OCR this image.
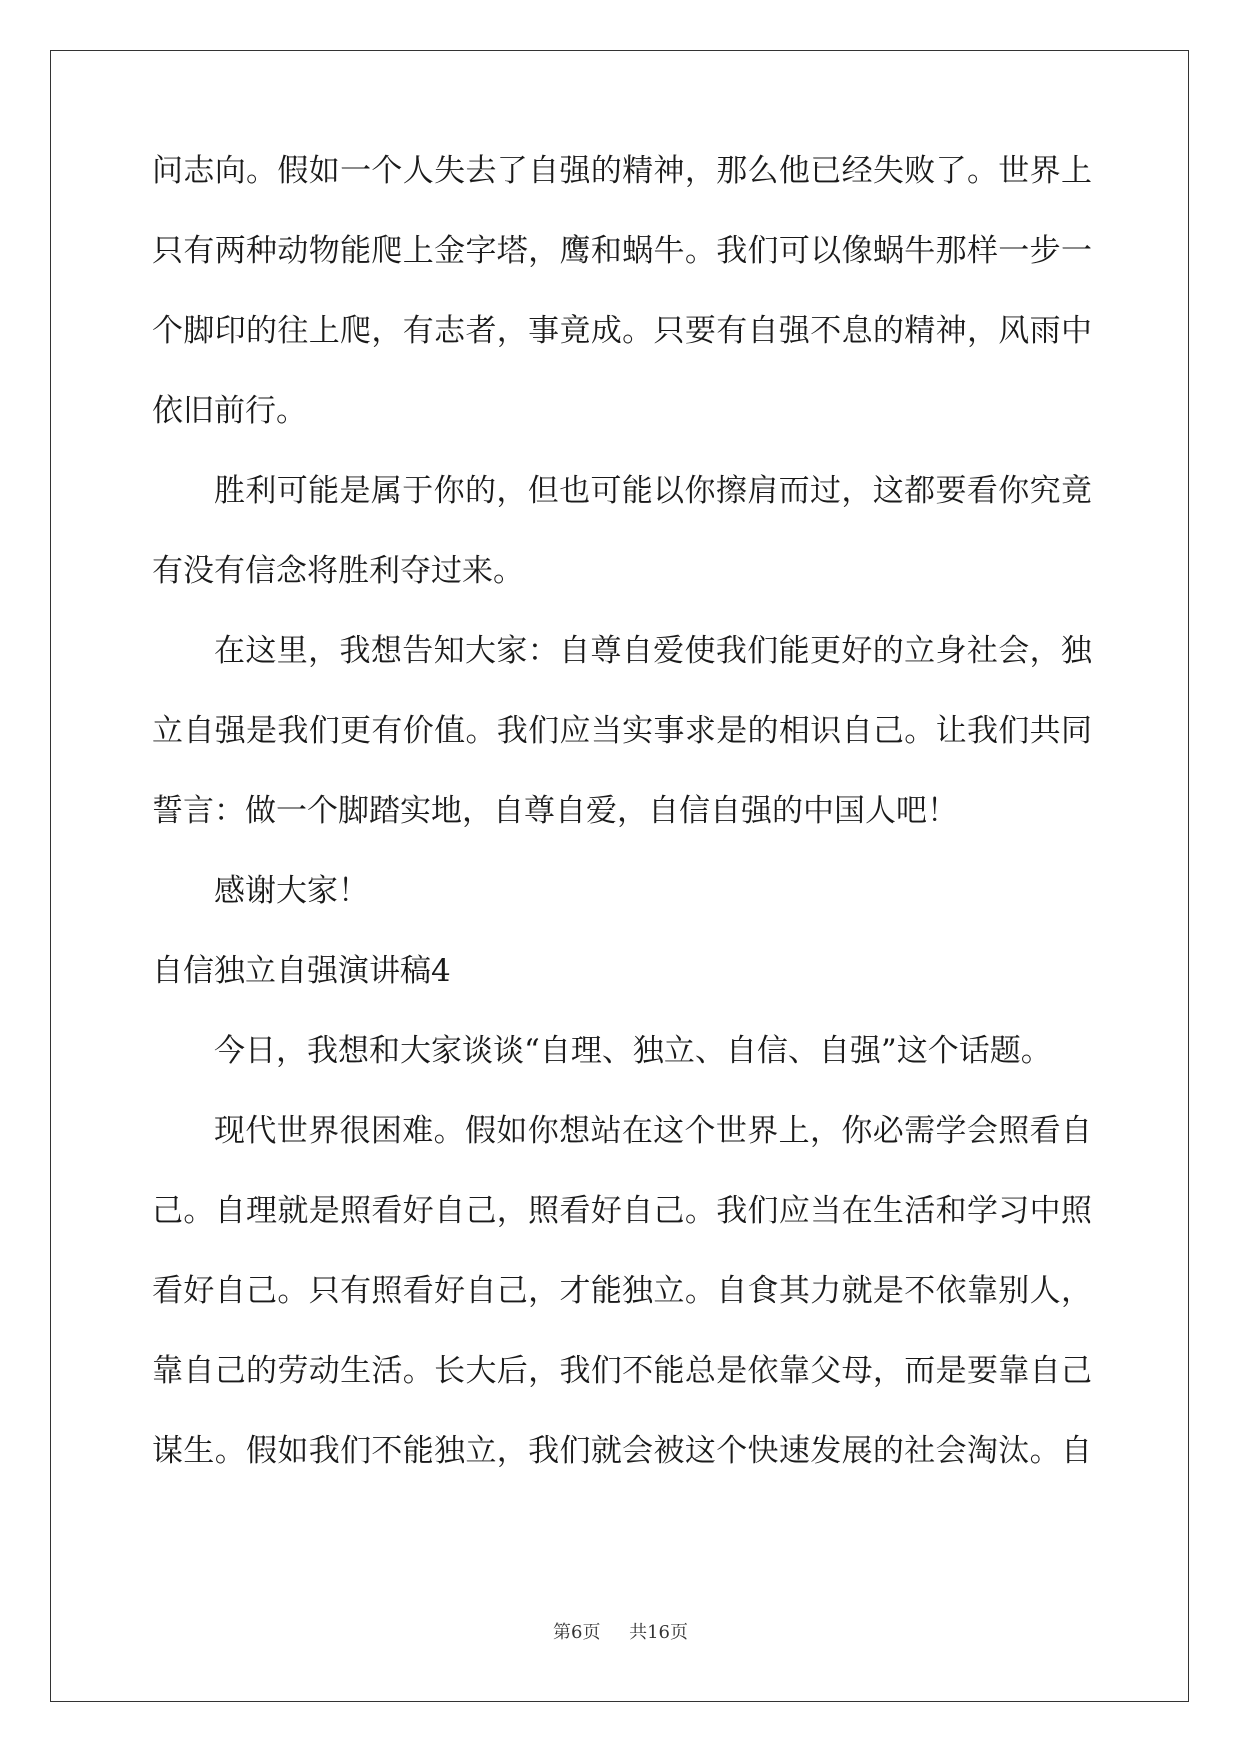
问志向。假如一个人失去了自强的精神，那么他已经失败了。世界上

只有两种动物能爬上金字塔，鹰和蜗牛。我们可以像蜗牛那样一步一

个脚印的往上爬，有志者，事竟成。只要有自强不息的精神，风雨中

依旧前行。

胜利可能是属于你的，但也可能以你擦肩而过，这都要看你究竟

有没有信念将胜利夺过来。

在这里，我想告知大家：自尊自爱使我们能更好的立身社会，独

立自强是我们更有价值。我们应当实事求是的相识自己。让我们共同

誓言：做一个脚踏实地，自尊自爱，自信自强的中国人吧！

感谢大家！

自信独立自强演讲稿4

今日，我想和大家谈谈“自理、独立、自信、自强”这个话题。

现代世界很困难。假如你想站在这个世界上，你必需学会照看自

己。自理就是照看好自己，照看好自己。我们应当在生活和学习中照

看好自己。只有照看好自己，才能独立。自食其力就是不依靠别人，

靠自己的劳动生活。长大后，我们不能总是依靠父母，而是要靠自己

谋生。假如我们不能独立，我们就会被这个快速发展的社会淘汰。自

第6页 共16页
